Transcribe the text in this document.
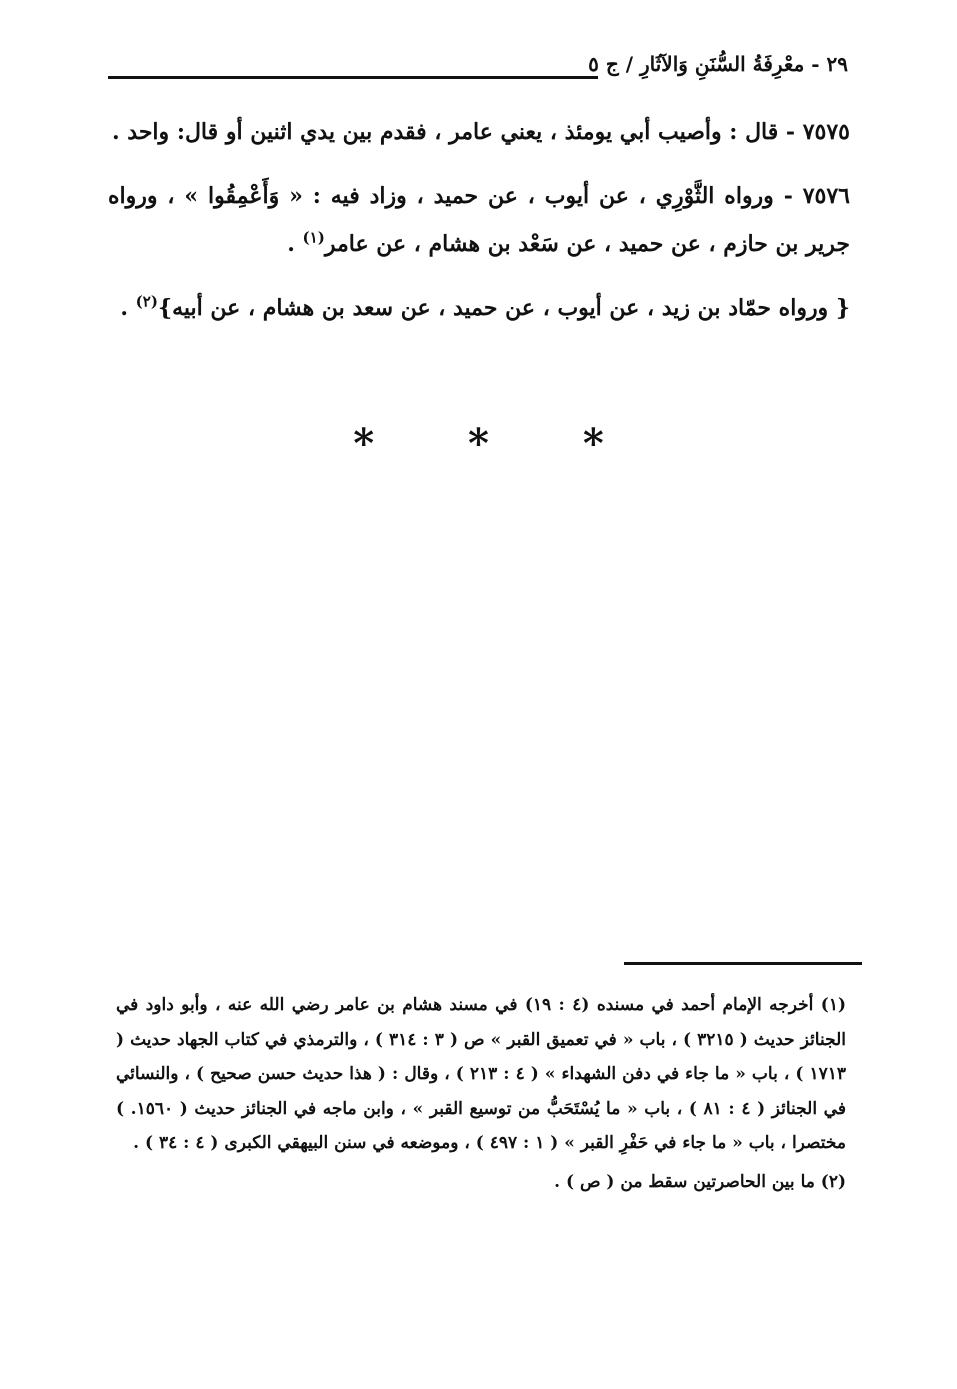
٢٩ - معْرِفَةُ السُّنَنِ وَالآثَارِ / ج ٥

٧٥٧٥ - قال : وأصيب أبي يومئذ ، يعني عامر ، فقدم بين يدي اثنين أو قال: واحد .

٧٥٧٦ - ورواه الثَّوْرِي ، عن أيوب ، عن حميد ، وزاد فيه : « وَأَعْمِقُوا » ، ورواه جرير بن حازم ، عن حميد ، عن سَعْد بن هشام ، عن عامر$^{(١)}$ .

{ ورواه حمّاد بن زيد ، عن أيوب ، عن حميد ، عن سعد بن هشام ، عن أبيه}$^{(٢)}$ .

* * *

(١) أخرجه الإمام أحمد في مسنده (٤ : ١٩) في مسند هشام بن عامر رضي الله عنه ، وأبو داود في الجنائز حديث ( ٣٢١٥ ) ، باب « في تعميق القبر » ص ( ٣ : ٣١٤ ) ، والترمذي في كتاب الجهاد حديث ( ١٧١٣ ) ، باب « ما جاء في دفن الشهداء » ( ٤ : ٢١٣ ) ، وقال : ( هذا حديث حسن صحيح ) ، والنسائي في الجنائز ( ٤ : ٨١ ) ، باب « ما يُسْتَحَبُّ من توسيع القبر » ، وابن ماجه في الجنائز حديث ( ١٥٦٠. ) مختصرا ، باب « ما جاء في حَفْرِ القبر » ( ١ : ٤٩٧ ) ، وموضعه في سنن البيهقي الكبرى ( ٤ : ٣٤ ) .

(٢) ما بين الحاصرتين سقط من ( ص ) .
